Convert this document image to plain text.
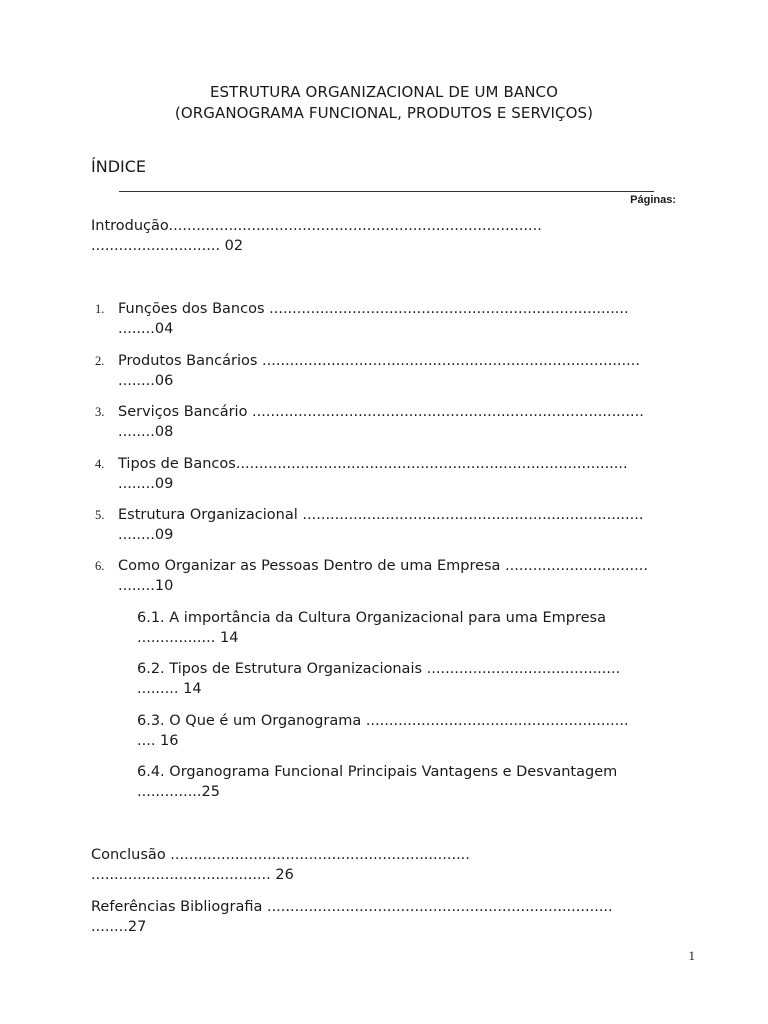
ESTRUTURA ORGANIZACIONAL DE UM BANCO
(ORGANOGRAMA FUNCIONAL, PRODUTOS E SERVIÇOS)
ÍNDICE
Páginas:
Introdução.................................................................................
............................ 02
1. Funções dos Bancos ..............................................................................
........04
2. Produtos Bancários ..................................................................................
........06
3. Serviços Bancário .....................................................................................
........08
4. Tipos de Bancos.....................................................................................
........09
5. Estrutura Organizacional ..........................................................................
........09
6. Como Organizar as Pessoas Dentro de uma Empresa ...............................
........10
6.1. A importância da Cultura Organizacional para uma Empresa
................. 14
6.2. Tipos de Estrutura Organizacionais ..........................................
......... 14
6.3. O Que é um Organograma .........................................................
.... 16
6.4. Organograma Funcional Principais Vantagens e Desvantagem
..............25
Conclusão .................................................................
....................................... 26
Referências Bibliografia ...........................................................................
........27
1
